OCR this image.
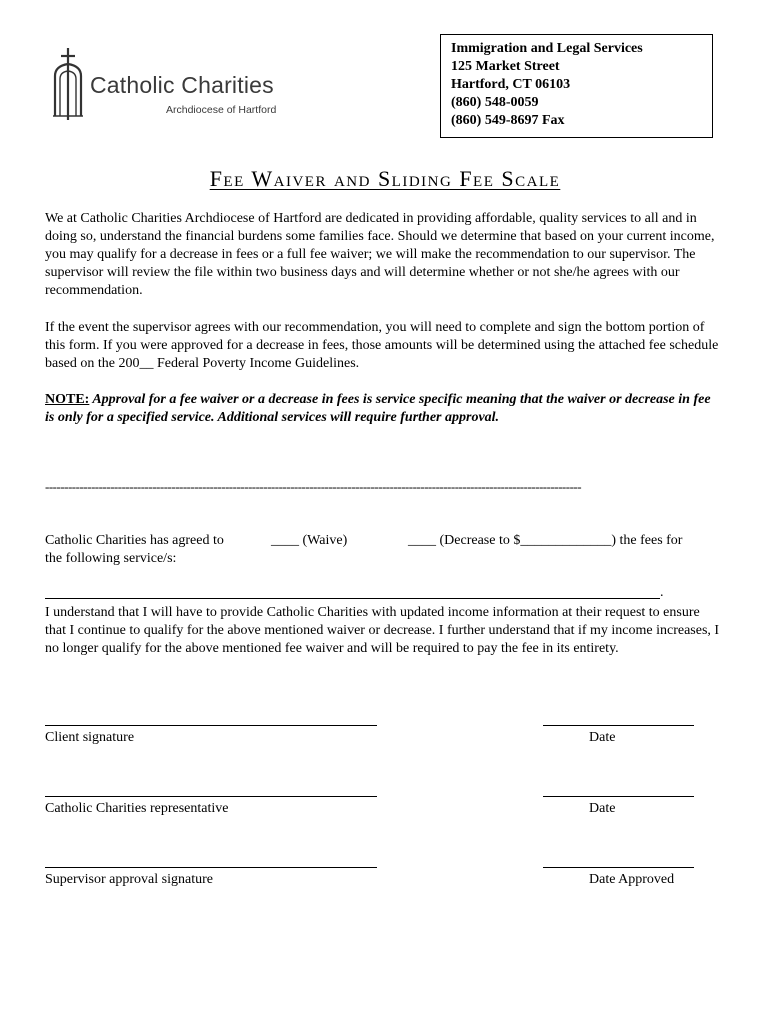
Catholic Charities
Archdiocese of Hartford
Immigration and Legal Services
125 Market Street
Hartford, CT 06103
(860) 548-0059
(860) 549-8697 Fax
Fee Waiver and Sliding Fee Scale
We at Catholic Charities Archdiocese of Hartford are dedicated in providing affordable, quality services to all and in doing so, understand the financial burdens some families face. Should we determine that based on your current income, you may qualify for a decrease in fees or a full fee waiver; we will make the recommendation to our supervisor. The supervisor will review the file within two business days and will determine whether or not she/he agrees with our recommendation.
If the event the supervisor agrees with our recommendation, you will need to complete and sign the bottom portion of this form. If you were approved for a decrease in fees, those amounts will be determined using the attached fee schedule based on the 200__ Federal Poverty Income Guidelines.
NOTE: Approval for a fee waiver or a decrease in fees is service specific meaning that the waiver or decrease in fee is only for a specified service. Additional services will require further approval.
--------------------------------------------------------------------------------------------------------------------------------------------
Catholic Charities has agreed to	____ (Waive)	____ (Decrease to $_____________) the fees for
the following service/s:
.
I understand that I will have to provide Catholic Charities with updated income information at their request to ensure that I continue to qualify for the above mentioned waiver or decrease. I further understand that if my income increases, I no longer qualify for the above mentioned fee waiver and will be required to pay the fee in its entirety.
Client signature	Date
Catholic Charities representative	Date
Supervisor approval signature	Date Approved
